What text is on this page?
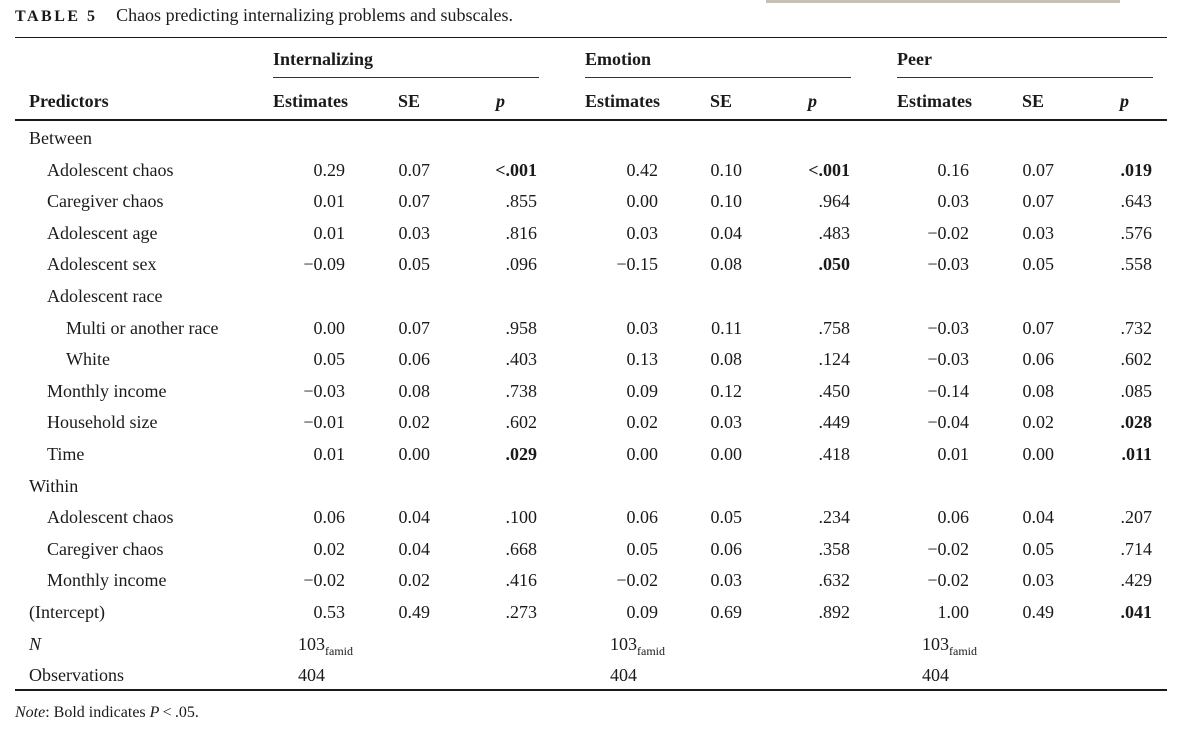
TABLE 5 Chaos predicting internalizing problems and subscales.
Internalizing	Emotion	Peer
Predictors	Estimates	SE	p	Estimates	SE	p	Estimates	SE	p
Between
Adolescent chaos	0.29	0.07	<.001	0.42	0.10	<.001	0.16	0.07	.019
Caregiver chaos	0.01	0.07	.855	0.00	0.10	.964	0.03	0.07	.643
Adolescent age	0.01	0.03	.816	0.03	0.04	.483	−0.02	0.03	.576
Adolescent sex	−0.09	0.05	.096	−0.15	0.08	.050	−0.03	0.05	.558
Adolescent race
Multi or another race	0.00	0.07	.958	0.03	0.11	.758	−0.03	0.07	.732
White	0.05	0.06	.403	0.13	0.08	.124	−0.03	0.06	.602
Monthly income	−0.03	0.08	.738	0.09	0.12	.450	−0.14	0.08	.085
Household size	−0.01	0.02	.602	0.02	0.03	.449	−0.04	0.02	.028
Time	0.01	0.00	.029	0.00	0.00	.418	0.01	0.00	.011
Within
Adolescent chaos	0.06	0.04	.100	0.06	0.05	.234	0.06	0.04	.207
Caregiver chaos	0.02	0.04	.668	0.05	0.06	.358	−0.02	0.05	.714
Monthly income	−0.02	0.02	.416	−0.02	0.03	.632	−0.02	0.03	.429
(Intercept)	0.53	0.49	.273	0.09	0.69	.892	1.00	0.49	.041
N	$103_{famid}$	$103_{famid}$	$103_{famid}$
Observations	404	404	404
Note: Bold indicates P < .05.
